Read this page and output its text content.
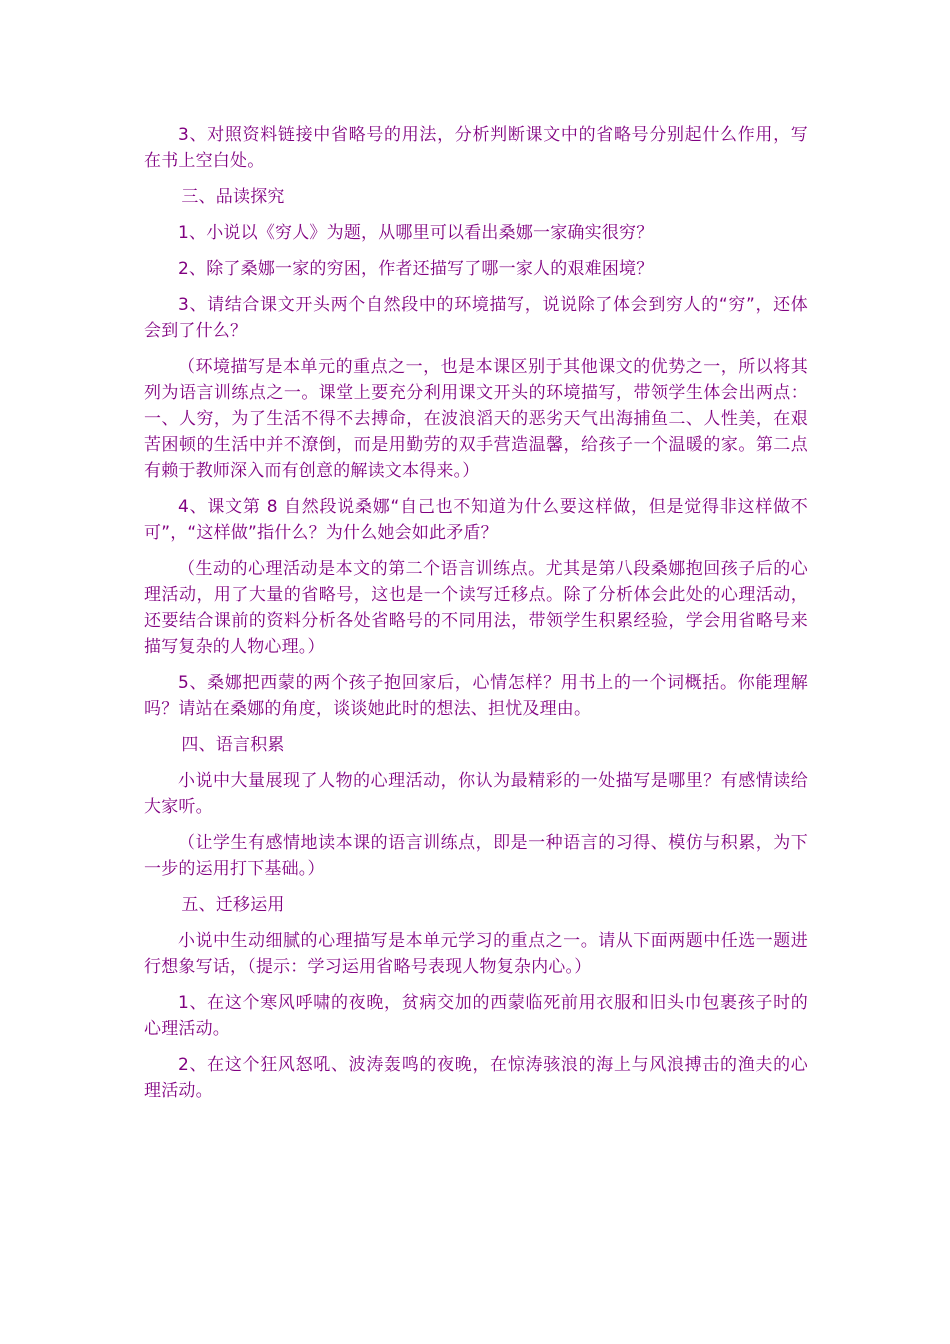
3、对照资料链接中省略号的用法，分析判断课文中的省略号分别起什么作用，写在书上空白处。

三、品读探究

1、小说以《穷人》为题，从哪里可以看出桑娜一家确实很穷？

2、除了桑娜一家的穷困，作者还描写了哪一家人的艰难困境？

3、请结合课文开头两个自然段中的环境描写，说说除了体会到穷人的“穷”，还体会到了什么？

（环境描写是本单元的重点之一，也是本课区别于其他课文的优势之一，所以将其列为语言训练点之一。课堂上要充分利用课文开头的环境描写，带领学生体会出两点：一、人穷，为了生活不得不去搏命，在波浪滔天的恶劣天气出海捕鱼二、人性美，在艰苦困顿的生活中并不潦倒，而是用勤劳的双手营造温馨，给孩子一个温暖的家。第二点有赖于教师深入而有创意的解读文本得来。）

4、课文第 8 自然段说桑娜“自己也不知道为什么要这样做，但是觉得非这样做不可”，“这样做”指什么？为什么她会如此矛盾？

（生动的心理活动是本文的第二个语言训练点。尤其是第八段桑娜抱回孩子后的心理活动，用了大量的省略号，这也是一个读写迁移点。除了分析体会此处的心理活动，还要结合课前的资料分析各处省略号的不同用法，带领学生积累经验，学会用省略号来描写复杂的人物心理。）

5、桑娜把西蒙的两个孩子抱回家后，心情怎样？用书上的一个词概括。你能理解吗？请站在桑娜的角度，谈谈她此时的想法、担忧及理由。

四、语言积累

小说中大量展现了人物的心理活动，你认为最精彩的一处描写是哪里？有感情读给大家听。

（让学生有感情地读本课的语言训练点，即是一种语言的习得、模仿与积累，为下一步的运用打下基础。）

五、迁移运用

小说中生动细腻的心理描写是本单元学习的重点之一。请从下面两题中任选一题进行想象写话，（提示：学习运用省略号表现人物复杂内心。）

1、在这个寒风呼啸的夜晚，贫病交加的西蒙临死前用衣服和旧头巾包裹孩子时的心理活动。

2、在这个狂风怒吼、波涛轰鸣的夜晚，在惊涛骇浪的海上与风浪搏击的渔夫的心理活动。
